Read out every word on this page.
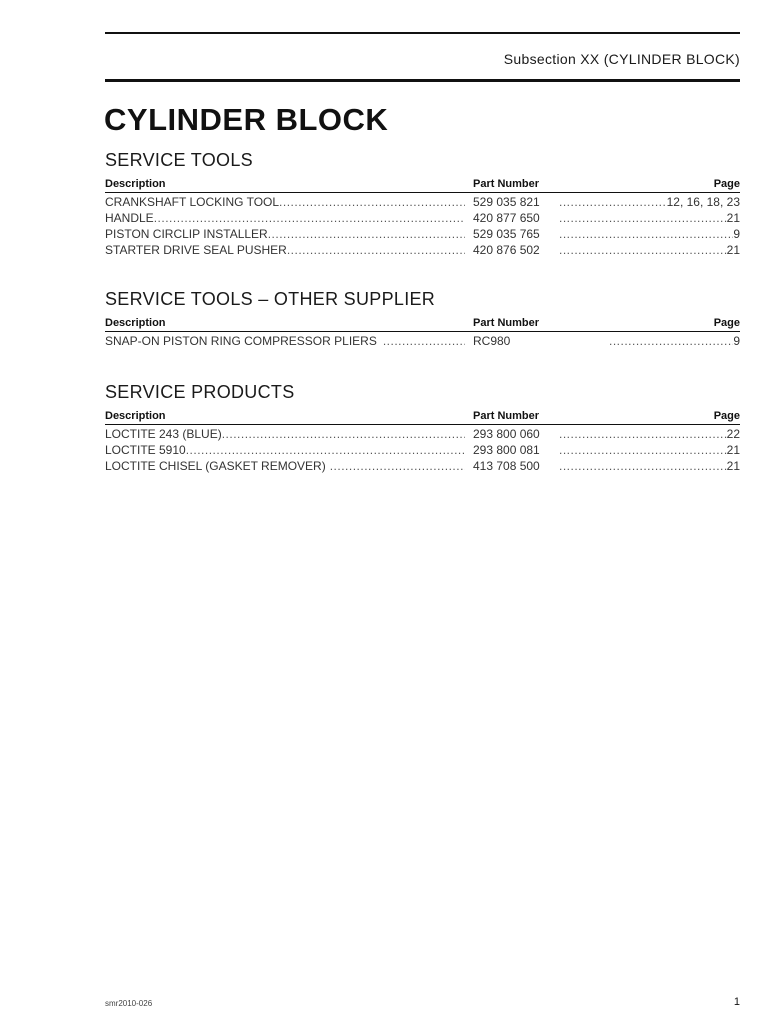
Subsection XX (CYLINDER BLOCK)
CYLINDER BLOCK
SERVICE TOOLS
Description	Part Number	Page
CRANKSHAFT LOCKING TOOL .....	529 035 821 .....	12, 16, 18, 23
HANDLE .....	420 877 650 .....	21
PISTON CIRCLIP INSTALLER .....	529 035 765 .....	9
STARTER DRIVE SEAL PUSHER .....	420 876 502 .....	21
SERVICE TOOLS – OTHER SUPPLIER
Description	Part Number	Page
SNAP-ON PISTON RING COMPRESSOR PLIERS .....	RC980 .....	9
SERVICE PRODUCTS
Description	Part Number	Page
LOCTITE 243 (BLUE) .....	293 800 060 .....	22
LOCTITE 5910 .....	293 800 081 .....	21
LOCTITE CHISEL (GASKET REMOVER) .....	413 708 500 .....	21
smr2010-026	1
